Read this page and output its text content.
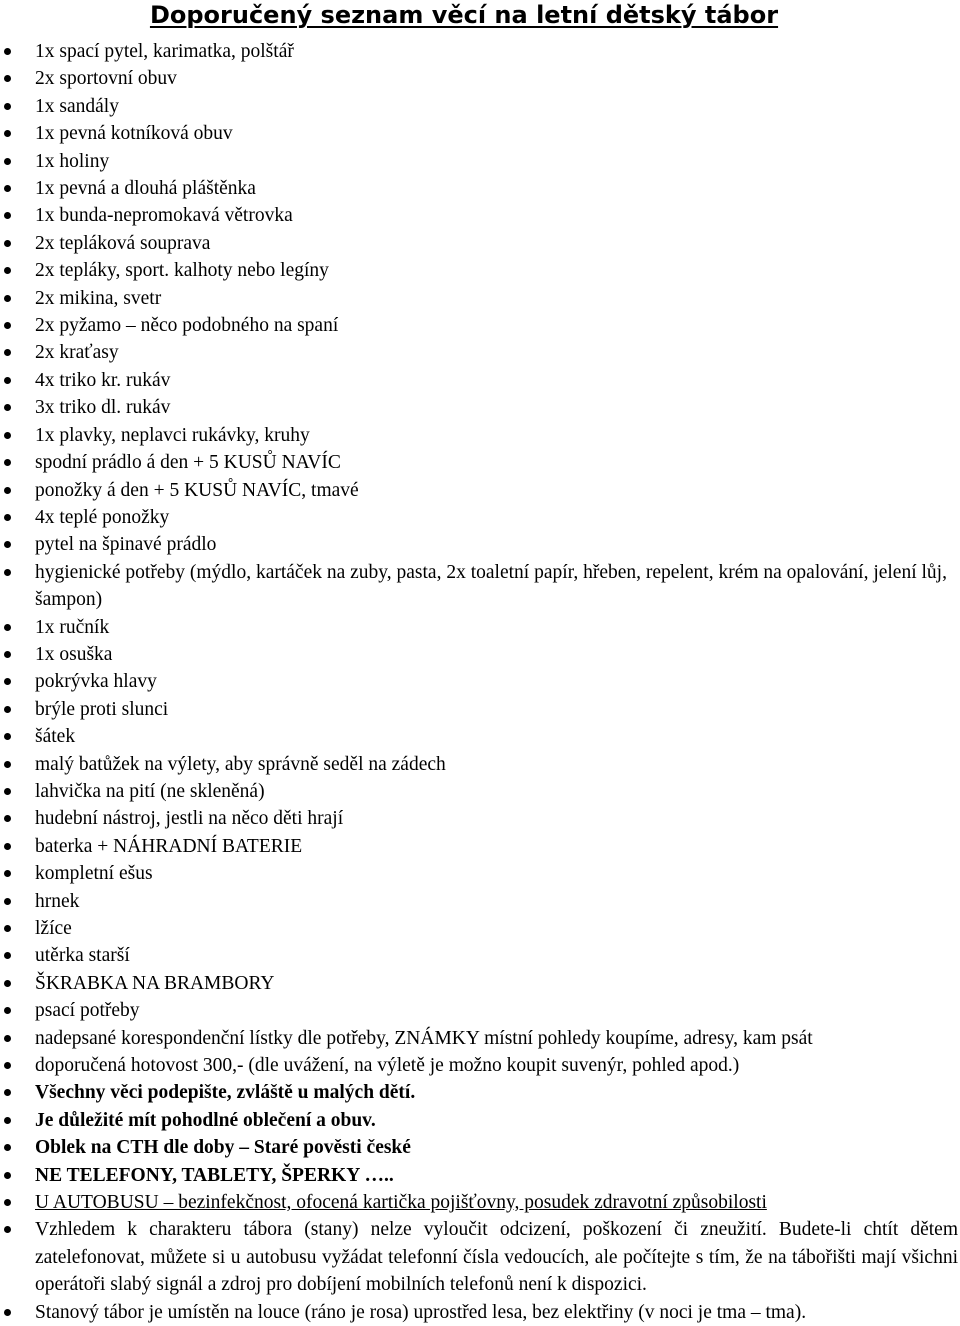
Doporučený seznam věcí na letní dětský tábor
1x spací pytel, karimatka, polštář
2x sportovní obuv
1x sandály
1x pevná kotníková obuv
1x holiny
1x pevná a dlouhá pláštěnka
1x bunda-nepromokavá větrovka
2x tepláková souprava
2x tepláky, sport. kalhoty nebo legíny
2x mikina, svetr
2x pyžamo – něco podobného na spaní
2x kraťasy
4x triko kr. rukáv
3x triko dl. rukáv
1x plavky, neplavci rukávky, kruhy
spodní prádlo á den + 5 KUSŮ NAVÍC
ponožky á den + 5 KUSŮ NAVÍC, tmavé
4x teplé ponožky
pytel na špinavé prádlo
hygienické potřeby (mýdlo, kartáček na zuby, pasta, 2x toaletní papír, hřeben, repelent, krém na opalování, jelení lůj, šampon)
1x ručník
1x osuška
pokrývka hlavy
brýle proti slunci
šátek
malý batůžek na výlety, aby správně seděl na zádech
lahvička na pití (ne skleněná)
hudební nástroj, jestli na něco děti hrají
baterka + NÁHRADNÍ BATERIE
kompletní ešus
hrnek
lžíce
utěrka starší
ŠKRABKA NA BRAMBORY
psací potřeby
nadepsané korespondenční lístky dle potřeby, ZNÁMKY místní pohledy koupíme, adresy, kam psát
doporučená hotovost 300,- (dle uvážení, na výletě je možno koupit suvenýr, pohled apod.)
Všechny věci podepište, zvláště u malých dětí.
Je důležité mít pohodlné oblečení a obuv.
Oblek na CTH dle doby – Staré pověsti české
NE TELEFONY, TABLETY, ŠPERKY …..
U AUTOBUSU – bezinfekčnost, ofocená kartička pojišťovny, posudek zdravotní způsobilosti
Vzhledem k charakteru tábora (stany) nelze vyloučit odcizení, poškození či zneužití. Budete-li chtít dětem zatelefonovat, můžete si u autobusu vyžádat telefonní čísla vedoucích, ale počítejte s tím, že na tábořišti mají všichni operátoři slabý signál a zdroj pro dobíjení mobilních telefonů není k dispozici.
Stanový tábor je umístěn na louce (ráno je rosa) uprostřed lesa, bez elektřiny (v noci je tma – tma).
